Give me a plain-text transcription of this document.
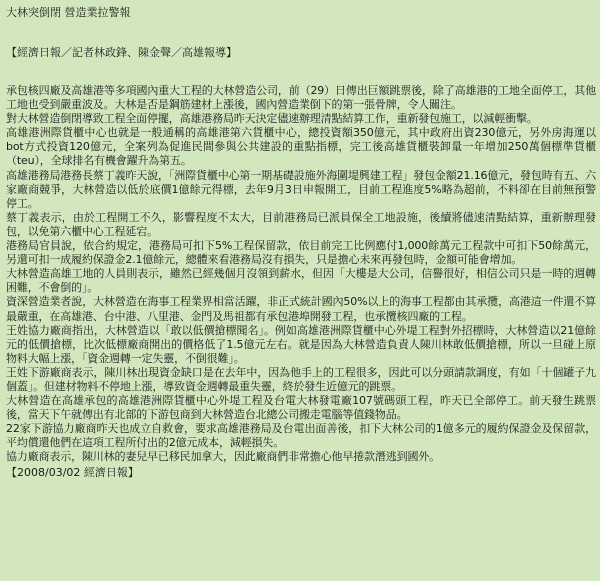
大林突倒閉 營造業拉警報
【經濟日報／記者林政鋒、陳金聲／高雄報導】

承包核四廠及高雄港等多項國內重大工程的大林營造公司，前（29）日傳出巨額跳票後，除了高雄港的工地全面停工，其他工地也受到嚴重波及。大林是否是鋼筋建材上漲後，國內營造業倒下的第一張骨牌，令人關注。

對大林營造倒閉導致工程全面停擺，高雄港務局昨天決定儘速辦理清點結算工作，重新發包施工，以減輕衝擊。

高雄港洲際貨櫃中心也就是一般通稱的高雄港第六貨櫃中心，總投資額350億元，其中政府出資230億元，另外房海運以bot方式投資120億元，全案列為促進民間參與公共建設的重點指標，完工後高雄貨櫃裝卸量一年增加250萬個標準貨櫃（teu），全球排名有機會躍升為第五。

高雄港務局港務長蔡丁義昨天說，「洲際貨櫃中心第一期基礎設施外海圍堤興建工程」發包金額21.16億元，發包時有五、六家廠商競爭，大林營造以低於底價1億餘元得標，去年9月3日申報開工，目前工程進度5%略為超前，不料卻在目前無預警停工。

蔡丁義表示，由於工程開工不久，影響程度不太大，目前港務局已派員保全工地設施，後續將儘速清點結算，重新辦理發包，以免第六櫃中心工程延宕。

港務局官員說，依合約規定，港務局可扣下5%工程保留款，依目前完工比例應付1,000餘萬元工程款中可扣下50餘萬元，另還可扣一成履約保證金2.1億餘元，總體來看港務局沒有損失，只是擔心未來再發包時，金額可能會增加。

大林營造高雄工地的人員則表示，雖然已經幾個月沒領到薪水，但因「大樓是大公司，信譽很好，相信公司只是一時的週轉困難，不會倒的」。

資深營造業者說，大林營造在海事工程業界相當活躍，非正式統計國內50%以上的海事工程都由其承攬，高港這一件還不算最嚴重，在高雄港、台中港、八里港、金門及馬祖都有承包港埠開發工程，也承攬核四廠的工程。

王姓協力廠商指出，大林營造以「敢以低價搶標聞名」。例如高雄港洲際貨櫃中心外堤工程對外招標時，大林營造以21億餘元的低價搶標，比次低標廠商開出的價格低了1.5億元左右。就是因為大林營造負責人陳川林敢低價搶標，所以一旦碰上原物料大幅上漲，「資金週轉一定失靈，不倒很難」。

王姓下游廠商表示，陳川林出現資金缺口是在去年中，因為他手上的工程很多，因此可以分頭請款調度，有如「十個罐子九個蓋」。但建材物料不停地上漲，導致資金週轉最重失靈，終於發生近億元的跳票。

大林營造在高雄承包的高雄港洲際貨櫃中心外堤工程及台電大林發電廠107號碼頭工程，昨天已全部停工。前天發生跳票後，當天下午就傳出有北部的下游包商到大林營造台北總公司搬走電腦等值錢物品。

22家下游協力廠商昨天也成立自救會，要求高雄港務局及台電出面善後，扣下大林公司的1億多元的履約保證金及保留款，平均償還他們在這項工程所付出的2億元成本，減輕損失。

協力廠商表示，陳川林的妻兒早已移民加拿大，因此廠商們非常擔心他早捲款潛逃到國外。

【2008/03/02 經濟日報】
